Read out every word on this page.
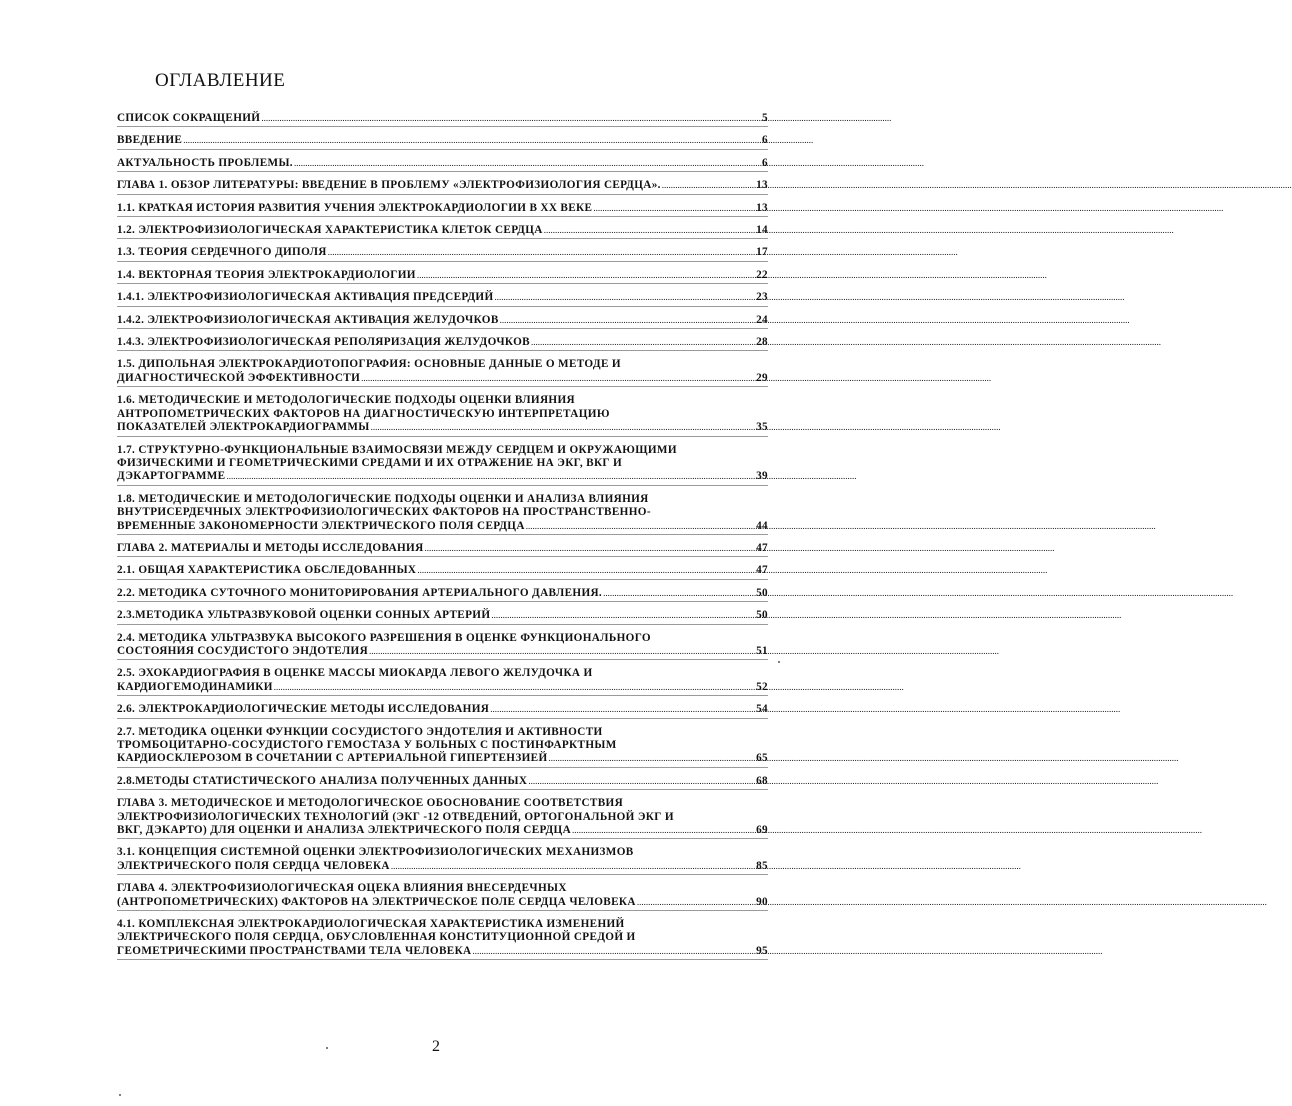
ОГЛАВЛЕНИЕ
СПИСОК СОКРАЩЕНИЙ .....	5
ВВЕДЕНИЕ .....	6
АКТУАЛЬНОСТЬ ПРОБЛЕМЫ. .....	6
ГЛАВА 1. ОБЗОР ЛИТЕРАТУРЫ: ВВЕДЕНИЕ В ПРОБЛЕМУ «ЭЛЕКТРОФИЗИОЛОГИЯ СЕРДЦА». .....	13
1.1. КРАТКАЯ ИСТОРИЯ РАЗВИТИЯ УЧЕНИЯ ЭЛЕКТРОКАРДИОЛОГИИ В XX ВЕКЕ .....	13
1.2. ЭЛЕКТРОФИЗИОЛОГИЧЕСКАЯ ХАРАКТЕРИСТИКА КЛЕТОК СЕРДЦА .....	14
1.3. ТЕОРИЯ СЕРДЕЧНОГО ДИПОЛЯ .....	17
1.4. ВЕКТОРНАЯ ТЕОРИЯ ЭЛЕКТРОКАРДИОЛОГИИ .....	22
1.4.1. ЭЛЕКТРОФИЗИОЛОГИЧЕСКАЯ АКТИВАЦИЯ ПРЕДСЕРДИЙ .....	23
1.4.2. ЭЛЕКТРОФИЗИОЛОГИЧЕСКАЯ АКТИВАЦИЯ ЖЕЛУДОЧКОВ .....	24
1.4.3. ЭЛЕКТРОФИЗИОЛОГИЧЕСКАЯ РЕПОЛЯРИЗАЦИЯ ЖЕЛУДОЧКОВ .....	28
1.5. ДИПОЛЬНАЯ ЭЛЕКТРОКАРДИОТОПОГРАФИЯ: ОСНОВНЫЕ ДАННЫЕ О МЕТОДЕ И
ДИАГНОСТИЧЕСКОЙ ЭФФЕКТИВНОСТИ .....	29
1.6. МЕТОДИЧЕСКИЕ И МЕТОДОЛОГИЧЕСКИЕ ПОДХОДЫ ОЦЕНКИ ВЛИЯНИЯ
АНТРОПОМЕТРИЧЕСКИХ ФАКТОРОВ НА ДИАГНОСТИЧЕСКУЮ ИНТЕРПРЕТАЦИЮ
ПОКАЗАТЕЛЕЙ ЭЛЕКТРОКАРДИОГРАММЫ .....	35
1.7. СТРУКТУРНО-ФУНКЦИОНАЛЬНЫЕ ВЗАИМОСВЯЗИ МЕЖДУ СЕРДЦЕМ И ОКРУЖАЮЩИМИ
ФИЗИЧЕСКИМИ И ГЕОМЕТРИЧЕСКИМИ СРЕДАМИ И ИХ ОТРАЖЕНИЕ НА ЭКГ, ВКГ И
ДЭКАРТОГРАММЕ .....	39
1.8. МЕТОДИЧЕСКИЕ И МЕТОДОЛОГИЧЕСКИЕ ПОДХОДЫ ОЦЕНКИ И АНАЛИЗА ВЛИЯНИЯ
ВНУТРИСЕРДЕЧНЫХ ЭЛЕКТРОФИЗИОЛОГИЧЕСКИХ ФАКТОРОВ НА ПРОСТРАНСТВЕННО-
ВРЕМЕННЫЕ ЗАКОНОМЕРНОСТИ ЭЛЕКТРИЧЕСКОГО ПОЛЯ СЕРДЦА .....	44
ГЛАВА 2. МАТЕРИАЛЫ И МЕТОДЫ ИССЛЕДОВАНИЯ .....	47
2.1. ОБЩАЯ ХАРАКТЕРИСТИКА ОБСЛЕДОВАННЫХ .....	47
2.2. МЕТОДИКА СУТОЧНОГО МОНИТОРИРОВАНИЯ АРТЕРИАЛЬНОГО ДАВЛЕНИЯ. .....	50
2.3.МЕТОДИКА УЛЬТРАЗВУКОВОЙ ОЦЕНКИ СОННЫХ АРТЕРИЙ .....	50
2.4. МЕТОДИКА УЛЬТРАЗВУКА ВЫСОКОГО РАЗРЕШЕНИЯ В ОЦЕНКЕ ФУНКЦИОНАЛЬНОГО
СОСТОЯНИЯ СОСУДИСТОГО ЭНДОТЕЛИЯ .....	51
2.5. ЭХОКАРДИОГРАФИЯ В ОЦЕНКЕ МАССЫ МИОКАРДА ЛЕВОГО ЖЕЛУДОЧКА И
КАРДИОГЕМОДИНАМИКИ .....	52
2.6. ЭЛЕКТРОКАРДИОЛОГИЧЕСКИЕ МЕТОДЫ ИССЛЕДОВАНИЯ .....	54
2.7. МЕТОДИКА ОЦЕНКИ ФУНКЦИИ СОСУДИСТОГО ЭНДОТЕЛИЯ И АКТИВНОСТИ
ТРОМБОЦИТАРНО-СОСУДИСТОГО ГЕМОСТАЗА У БОЛЬНЫХ С ПОСТИНФАРКТНЫМ
КАРДИОСКЛЕРОЗОМ В СОЧЕТАНИИ С АРТЕРИАЛЬНОЙ ГИПЕРТЕНЗИЕЙ .....	65
2.8.МЕТОДЫ СТАТИСТИЧЕСКОГО АНАЛИЗА ПОЛУЧЕННЫХ ДАННЫХ .....	68
ГЛАВА 3. МЕТОДИЧЕСКОЕ И МЕТОДОЛОГИЧЕСКОЕ ОБОСНОВАНИЕ СООТВЕТСТВИЯ
ЭЛЕКТРОФИЗИОЛОГИЧЕСКИХ ТЕХНОЛОГИЙ (ЭКГ -12 ОТВЕДЕНИЙ, ОРТОГОНАЛЬНОЙ ЭКГ И
ВКГ, ДЭКАРТО) ДЛЯ ОЦЕНКИ И АНАЛИЗА ЭЛЕКТРИЧЕСКОГО ПОЛЯ СЕРДЦА .....	69
3.1. КОНЦЕПЦИЯ СИСТЕМНОЙ ОЦЕНКИ ЭЛЕКТРОФИЗИОЛОГИЧЕСКИХ МЕХАНИЗМОВ
ЭЛЕКТРИЧЕСКОГО ПОЛЯ СЕРДЦА ЧЕЛОВЕКА .....	85
ГЛАВА 4. ЭЛЕКТРОФИЗИОЛОГИЧЕСКАЯ ОЦЕКА ВЛИЯНИЯ ВНЕСЕРДЕЧНЫХ
(АНТРОПОМЕТРИЧЕСКИХ) ФАКТОРОВ НА ЭЛЕКТРИЧЕСКОЕ ПОЛЕ СЕРДЦА ЧЕЛОВЕКА .....	90
4.1. КОМПЛЕКСНАЯ ЭЛЕКТРОКАРДИОЛОГИЧЕСКАЯ ХАРАКТЕРИСТИКА ИЗМЕНЕНИЙ
ЭЛЕКТРИЧЕСКОГО ПОЛЯ СЕРДЦА, ОБУСЛОВЛЕННАЯ КОНСТИТУЦИОННОЙ СРЕДОЙ И
ГЕОМЕТРИЧЕСКИМИ ПРОСТРАНСТВАМИ ТЕЛА ЧЕЛОВЕКА .....	95
2
